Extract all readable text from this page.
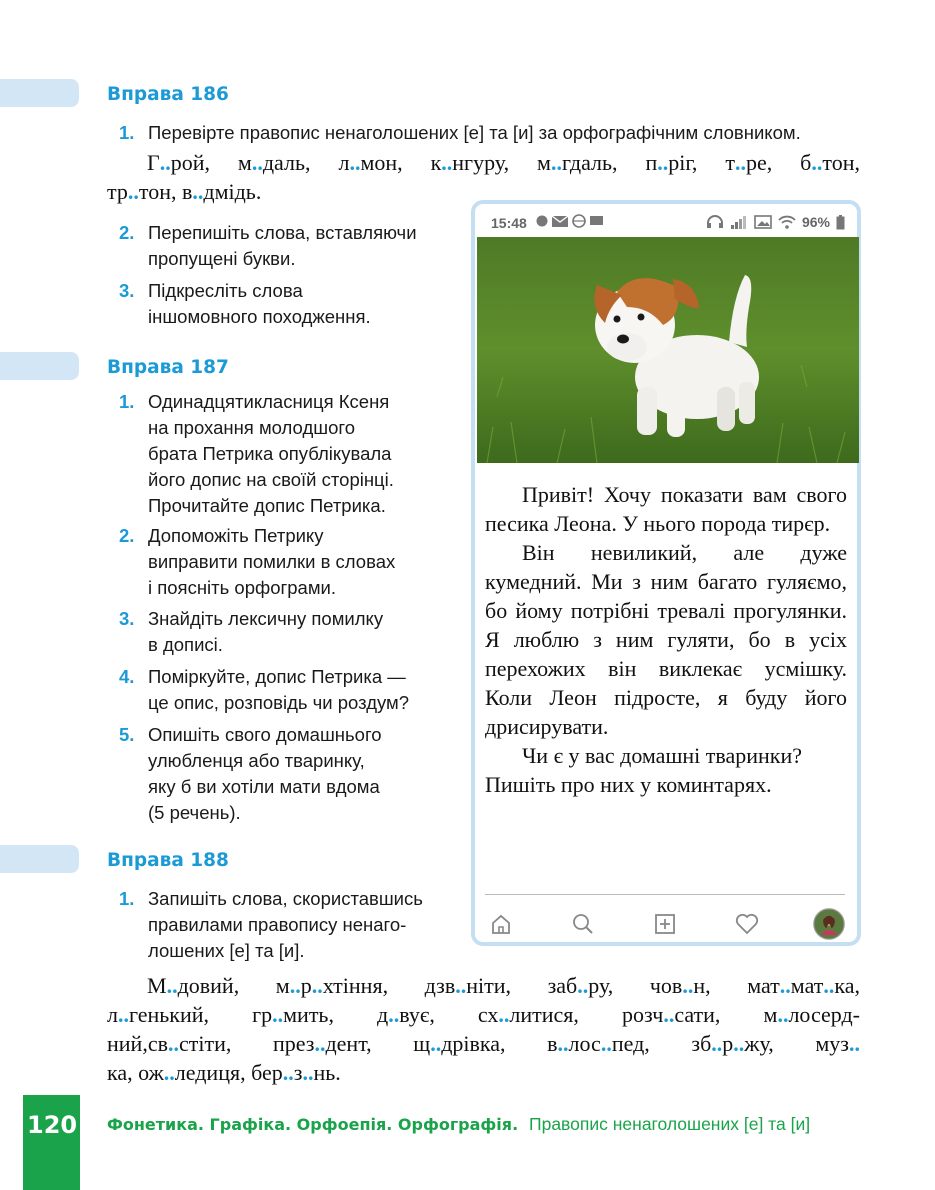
Вправа 186
1. Перевірте правопис ненаголошених [е] та [и] за орфографічним словником.
Г..рой, м..даль, л..мон, к..нгуру, м..гдаль, п..ріг, т..ре, б..тон,
тр..тон, в..дмідь.
2. Перепишіть слова, вставляючи
пропущені букви.
3. Підкресліть слова
іншомовного походження.
Вправа 187
1. Одинадцятикласниця Ксеня
на прохання молодшого
брата Петрика опублікувала
його допис на своїй сторінці.
Прочитайте допис Петрика.
2. Допоможіть Петрику
виправити помилки в словах
і поясніть орфограми.
3. Знайдіть лексичну помилку
в дописі.
4. Поміркуйте, допис Петрика —
це опис, розповідь чи роздум?
5. Опишіть свого домашнього
улюбленця або тваринку,
яку б ви хотіли мати вдома
(5 речень).
Вправа 188
1. Запишіть слова, скориставшись
правилами правопису ненаго-
лошених [е] та [и].
М..довий, м..р..хтіння, дзв..ніти, заб..ру, чов..н, мат..мат..ка,
л..генький, гр..мить, д..вує, сх..литися, розч..сати, м..лосерд-
ний,св..стіти, през..дент, щ..дрівка, в..лос..пед, зб..р..жу, муз..
ка, ож..ледиця, бер..з..нь.
15:48	96%

Привіт! Хочу показати вам свого песика Леона. У нього порода тирєр.

Він невиликий, але дуже кумедний. Ми з ним багато гуляємо, бо йому потрібні тревалі прогулянки. Я люблю з ним гуляти, бо в усіх перехожих він виклекає усмішку. Коли Леон підросте, я буду його дрисирувати.

Чи є у вас домашні тваринки? Пишіть про них у коминтарях.

120 Фонетика. Графіка. Орфоепія. Орфографія. Правопис ненаголошених [е] та [и]
